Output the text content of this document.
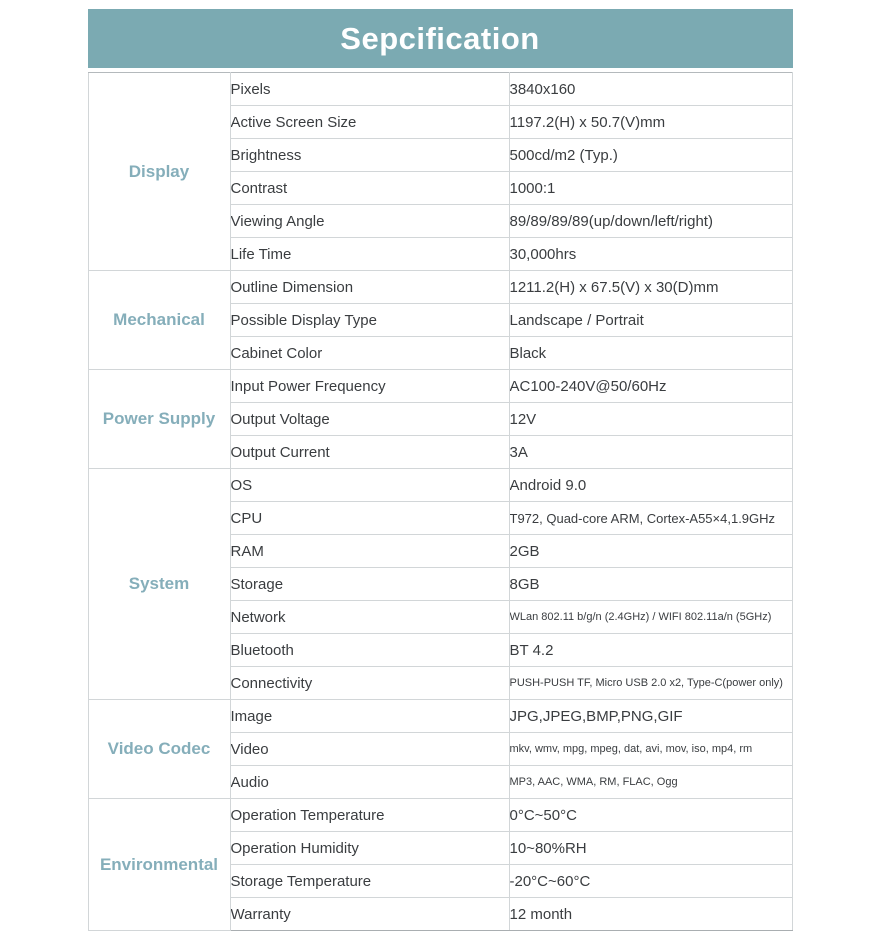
Sepcification
Display	Pixels	3840x160
	Active Screen Size	1197.2(H) x 50.7(V)mm
	Brightness	500cd/m2 (Typ.)
	Contrast	1000:1
	Viewing Angle	89/89/89/89(up/down/left/right)
	Life Time	30,000hrs
Mechanical	Outline Dimension	1211.2(H) x 67.5(V) x 30(D)mm
	Possible Display Type	Landscape / Portrait
	Cabinet Color	Black
Power Supply	Input Power Frequency	AC100-240V@50/60Hz
	Output Voltage	12V
	Output Current	3A
System	OS	Android 9.0
	CPU	T972, Quad-core ARM, Cortex-A55×4,1.9GHz
	RAM	2GB
	Storage	8GB
	Network	WLan 802.11 b/g/n (2.4GHz) / WIFI 802.11a/n (5GHz)
	Bluetooth	BT 4.2
	Connectivity	PUSH-PUSH TF, Micro USB 2.0 x2, Type-C(power only)
Video Codec	Image	JPG,JPEG,BMP,PNG,GIF
	Video	mkv, wmv, mpg, mpeg, dat, avi, mov, iso, mp4, rm
	Audio	MP3, AAC, WMA, RM, FLAC, Ogg
Environmental	Operation Temperature	0°C~50°C
	Operation Humidity	10~80%RH
	Storage Temperature	-20°C~60°C
	Warranty	12 month
